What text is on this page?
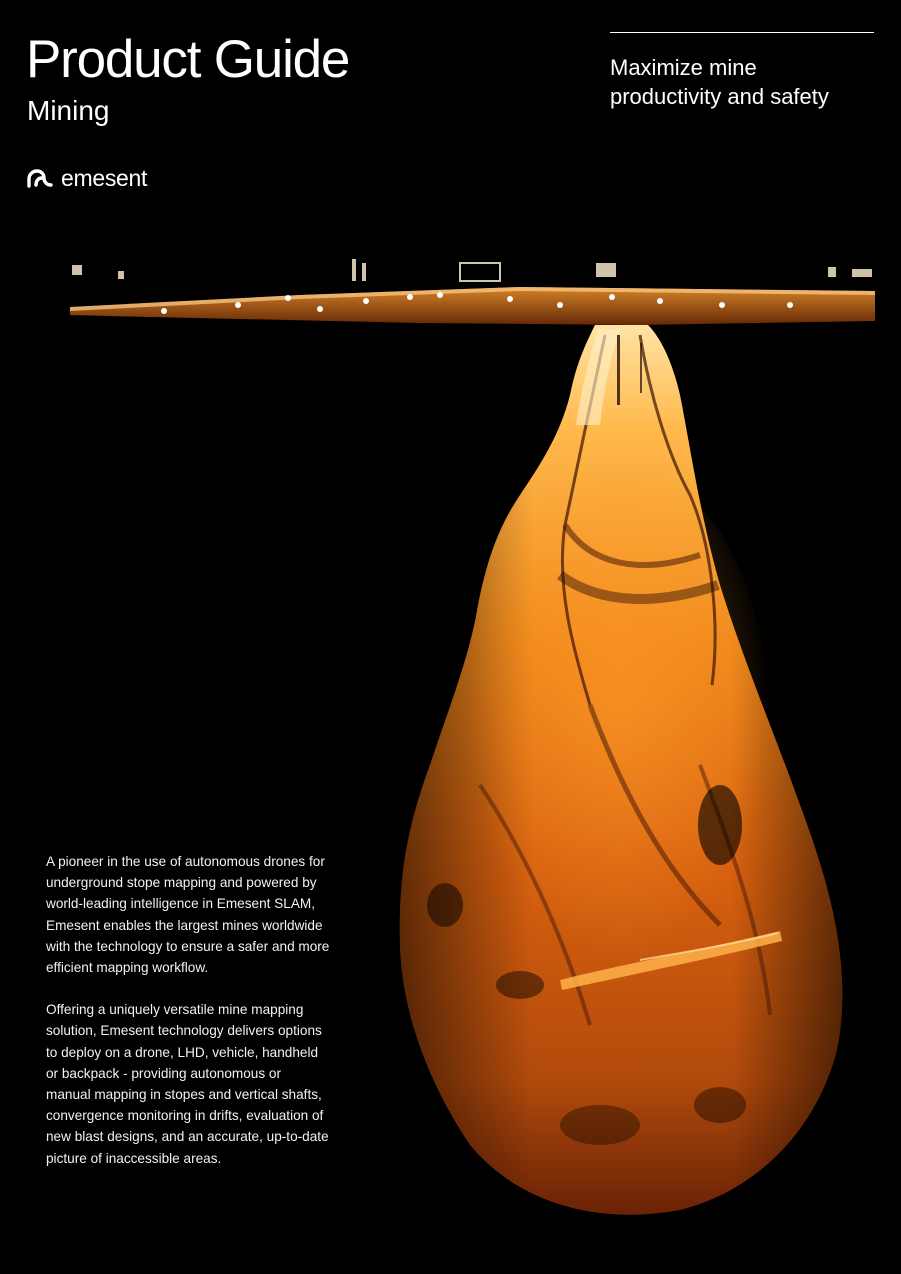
Product Guide
Mining
emesent

Maximize mine
productivity and safety

A pioneer in the use of autonomous drones for
underground stope mapping and powered by
world-leading intelligence in Emesent SLAM,
Emesent enables the largest mines worldwide
with the technology to ensure a safer and more
efficient mapping workflow.

Offering a uniquely versatile mine mapping
solution, Emesent technology delivers options
to deploy on a drone, LHD, vehicle, handheld
or backpack - providing autonomous or
manual mapping in stopes and vertical shafts,
convergence monitoring in drifts, evaluation of
new blast designs, and an accurate, up-to-date
picture of inaccessible areas.
